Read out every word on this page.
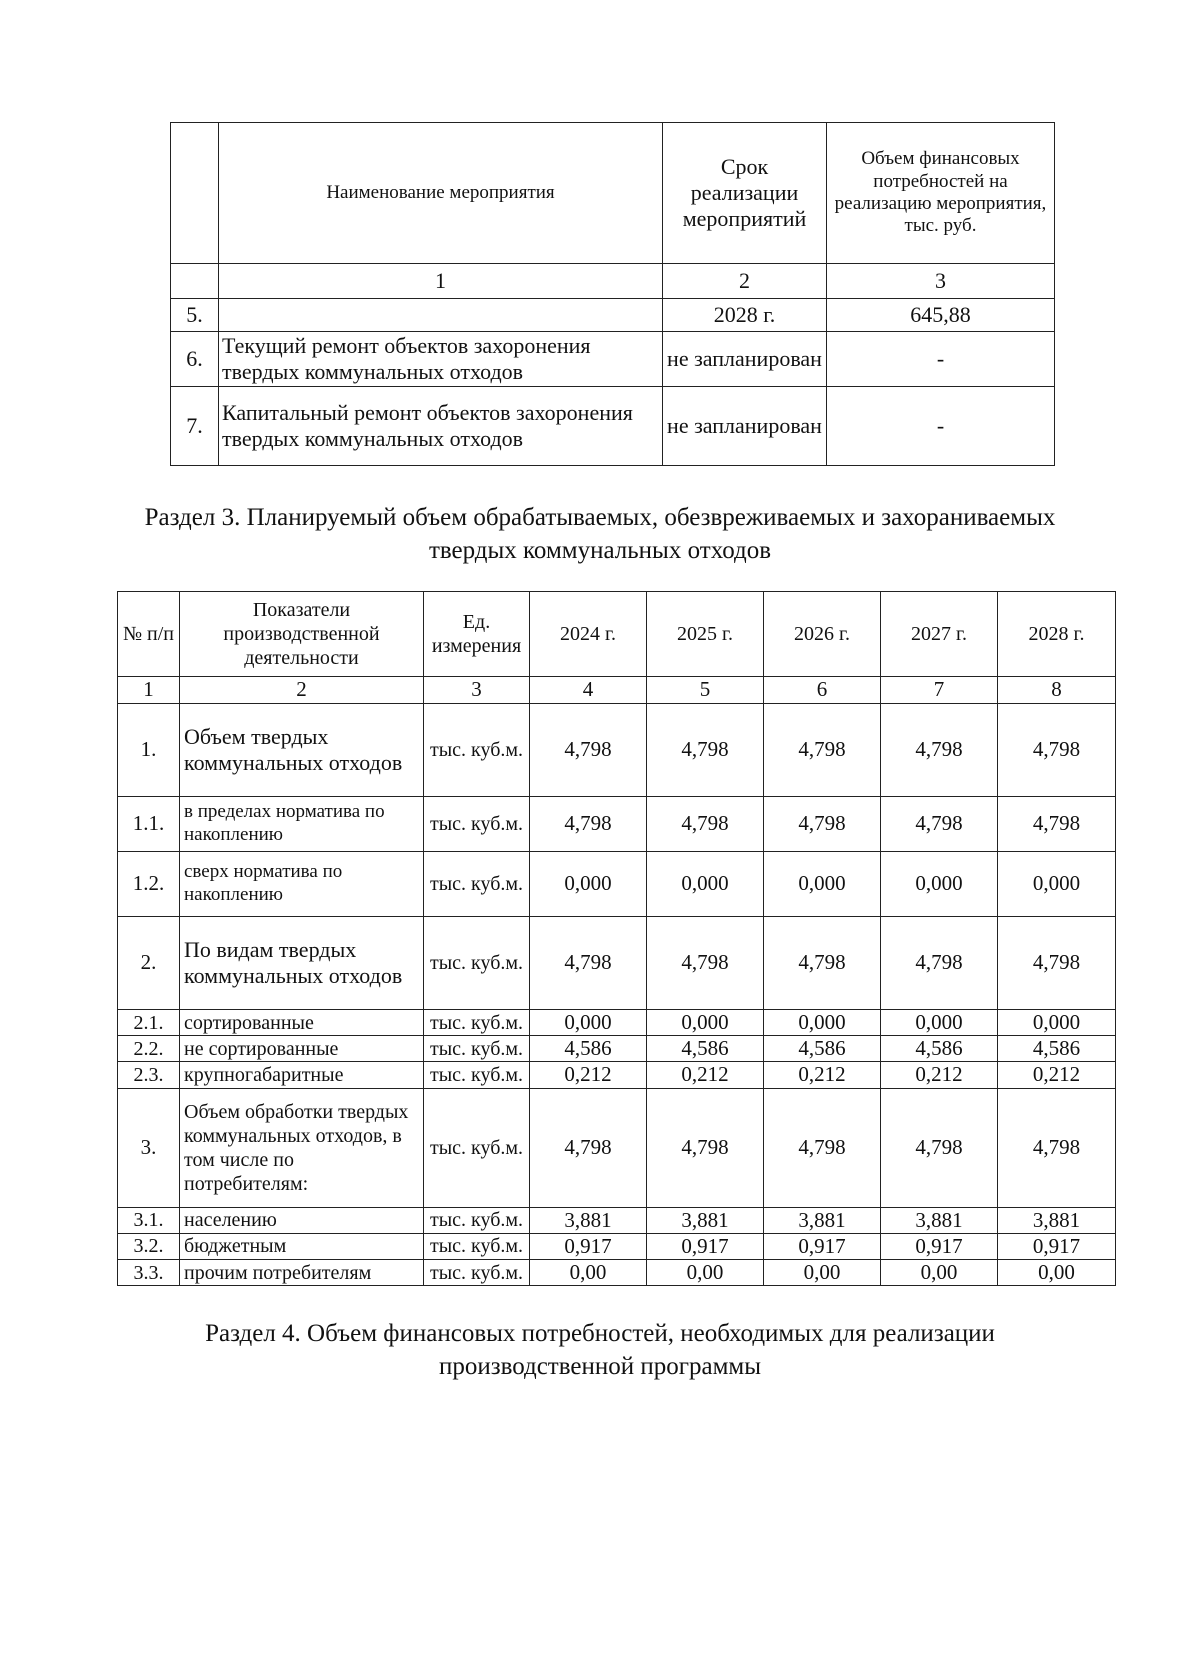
	Наименование мероприятия	Срок реализации мероприятий	Объем финансовых потребностей на реализацию мероприятия, тыс. руб.
	1	2	3
5.		2028 г.	645,88
6.	Текущий ремонт объектов захоронения твердых коммунальных отходов	не запланирован	-
7.	Капитальный ремонт объектов захоронения твердых коммунальных отходов	не запланирован	-
Раздел 3. Планируемый объем обрабатываемых, обезвреживаемых и захораниваемых твердых коммунальных отходов
№ п/п	Показатели производственной деятельности	Ед. измерения	2024 г.	2025 г.	2026 г.	2027 г.	2028 г.
1	2	3	4	5	6	7	8
1.	Объем твердых коммунальных отходов	тыс. куб.м.	4,798	4,798	4,798	4,798	4,798
1.1.	в пределах норматива по накоплению	тыс. куб.м.	4,798	4,798	4,798	4,798	4,798
1.2.	сверх норматива по накоплению	тыс. куб.м.	0,000	0,000	0,000	0,000	0,000
2.	По видам твердых коммунальных отходов	тыс. куб.м.	4,798	4,798	4,798	4,798	4,798
2.1.	сортированные	тыс. куб.м.	0,000	0,000	0,000	0,000	0,000
2.2.	не сортированные	тыс. куб.м.	4,586	4,586	4,586	4,586	4,586
2.3.	крупногабаритные	тыс. куб.м.	0,212	0,212	0,212	0,212	0,212
3.	Объем обработки твердых коммунальных отходов, в том числе по потребителям:	тыс. куб.м.	4,798	4,798	4,798	4,798	4,798
3.1.	населению	тыс. куб.м.	3,881	3,881	3,881	3,881	3,881
3.2.	бюджетным	тыс. куб.м.	0,917	0,917	0,917	0,917	0,917
3.3.	прочим потребителям	тыс. куб.м.	0,00	0,00	0,00	0,00	0,00
Раздел 4. Объем финансовых потребностей, необходимых для реализации производственной программы
